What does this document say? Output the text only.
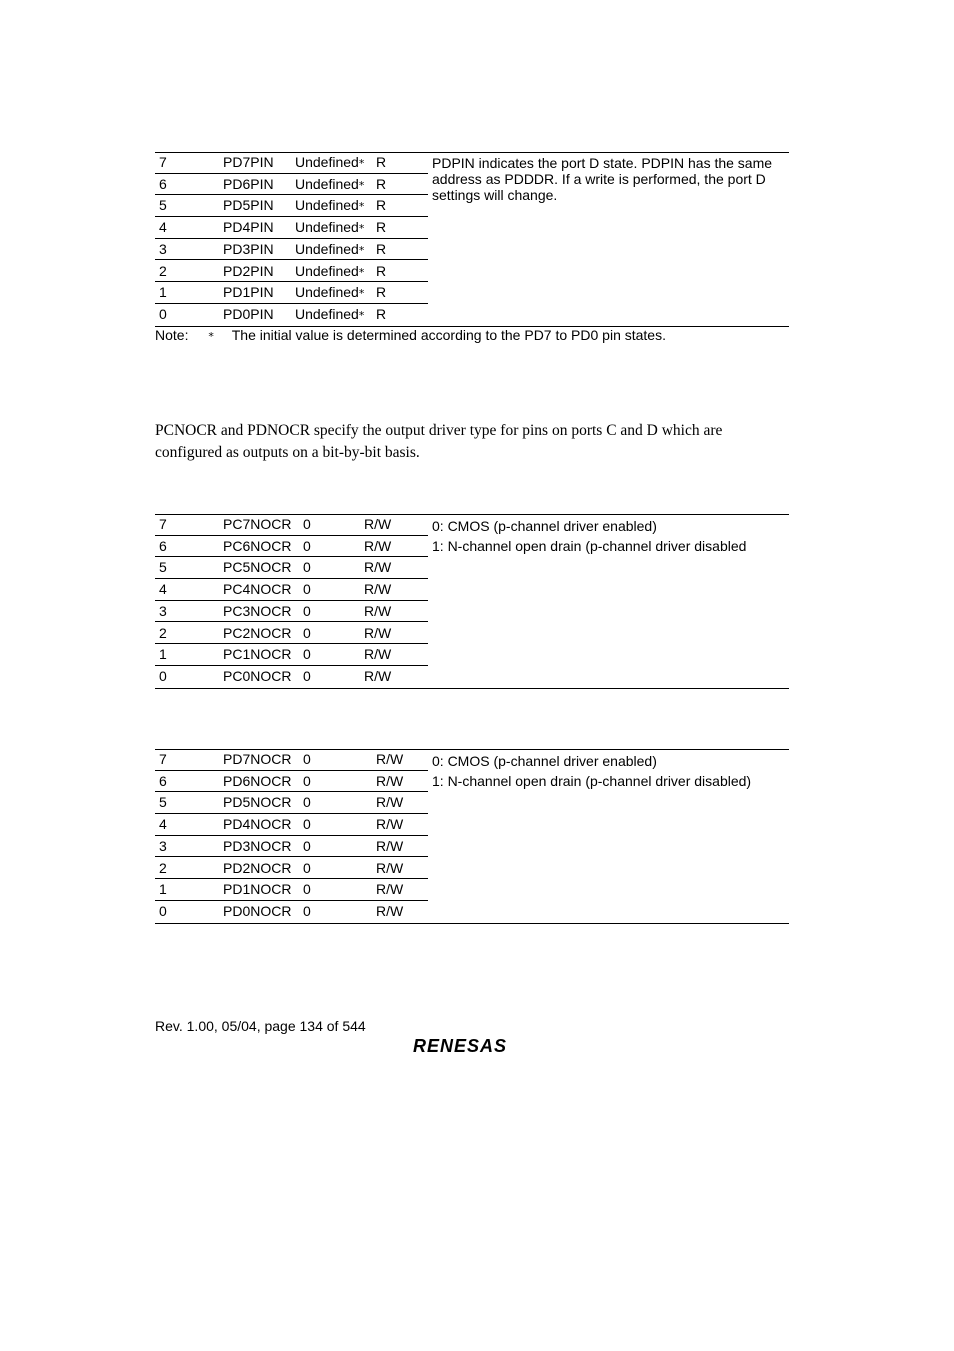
7	PD7PIN Undefined* R
6	PD6PIN Undefined* R
5	PD5PIN Undefined* R
4	PD4PIN Undefined* R
3	PD3PIN Undefined* R
2	PD2PIN Undefined* R
1	PD1PIN Undefined* R
0	PD0PIN Undefined* R

PDPIN indicates the port D state. PDPIN has the same address as PDDDR. If a write is performed, the port D settings will change.

Note: * The initial value is determined according to the PD7 to PD0 pin states.

PCNOCR and PDNOCR specify the output driver type for pins on ports C and D which are configured as outputs on a bit-by-bit basis.

7	PC7NOCR 0	R/W
6	PC6NOCR 0	R/W
5	PC5NOCR 0	R/W
4	PC4NOCR 0	R/W
3	PC3NOCR 0	R/W
2	PC2NOCR 0	R/W
1	PC1NOCR 0	R/W
0	PC0NOCR 0	R/W

0: CMOS (p-channel driver enabled)

1: N-channel open drain (p-channel driver disabled

7	PD7NOCR 0	R/W
6	PD6NOCR 0	R/W
5	PD5NOCR 0	R/W
4	PD4NOCR 0	R/W
3	PD3NOCR 0	R/W
2	PD2NOCR 0	R/W
1	PD1NOCR 0	R/W
0	PD0NOCR 0	R/W

0: CMOS (p-channel driver enabled)

1: N-channel open drain (p-channel driver disabled)

Rev. 1.00, 05/04, page 134 of 544
RENESAS
